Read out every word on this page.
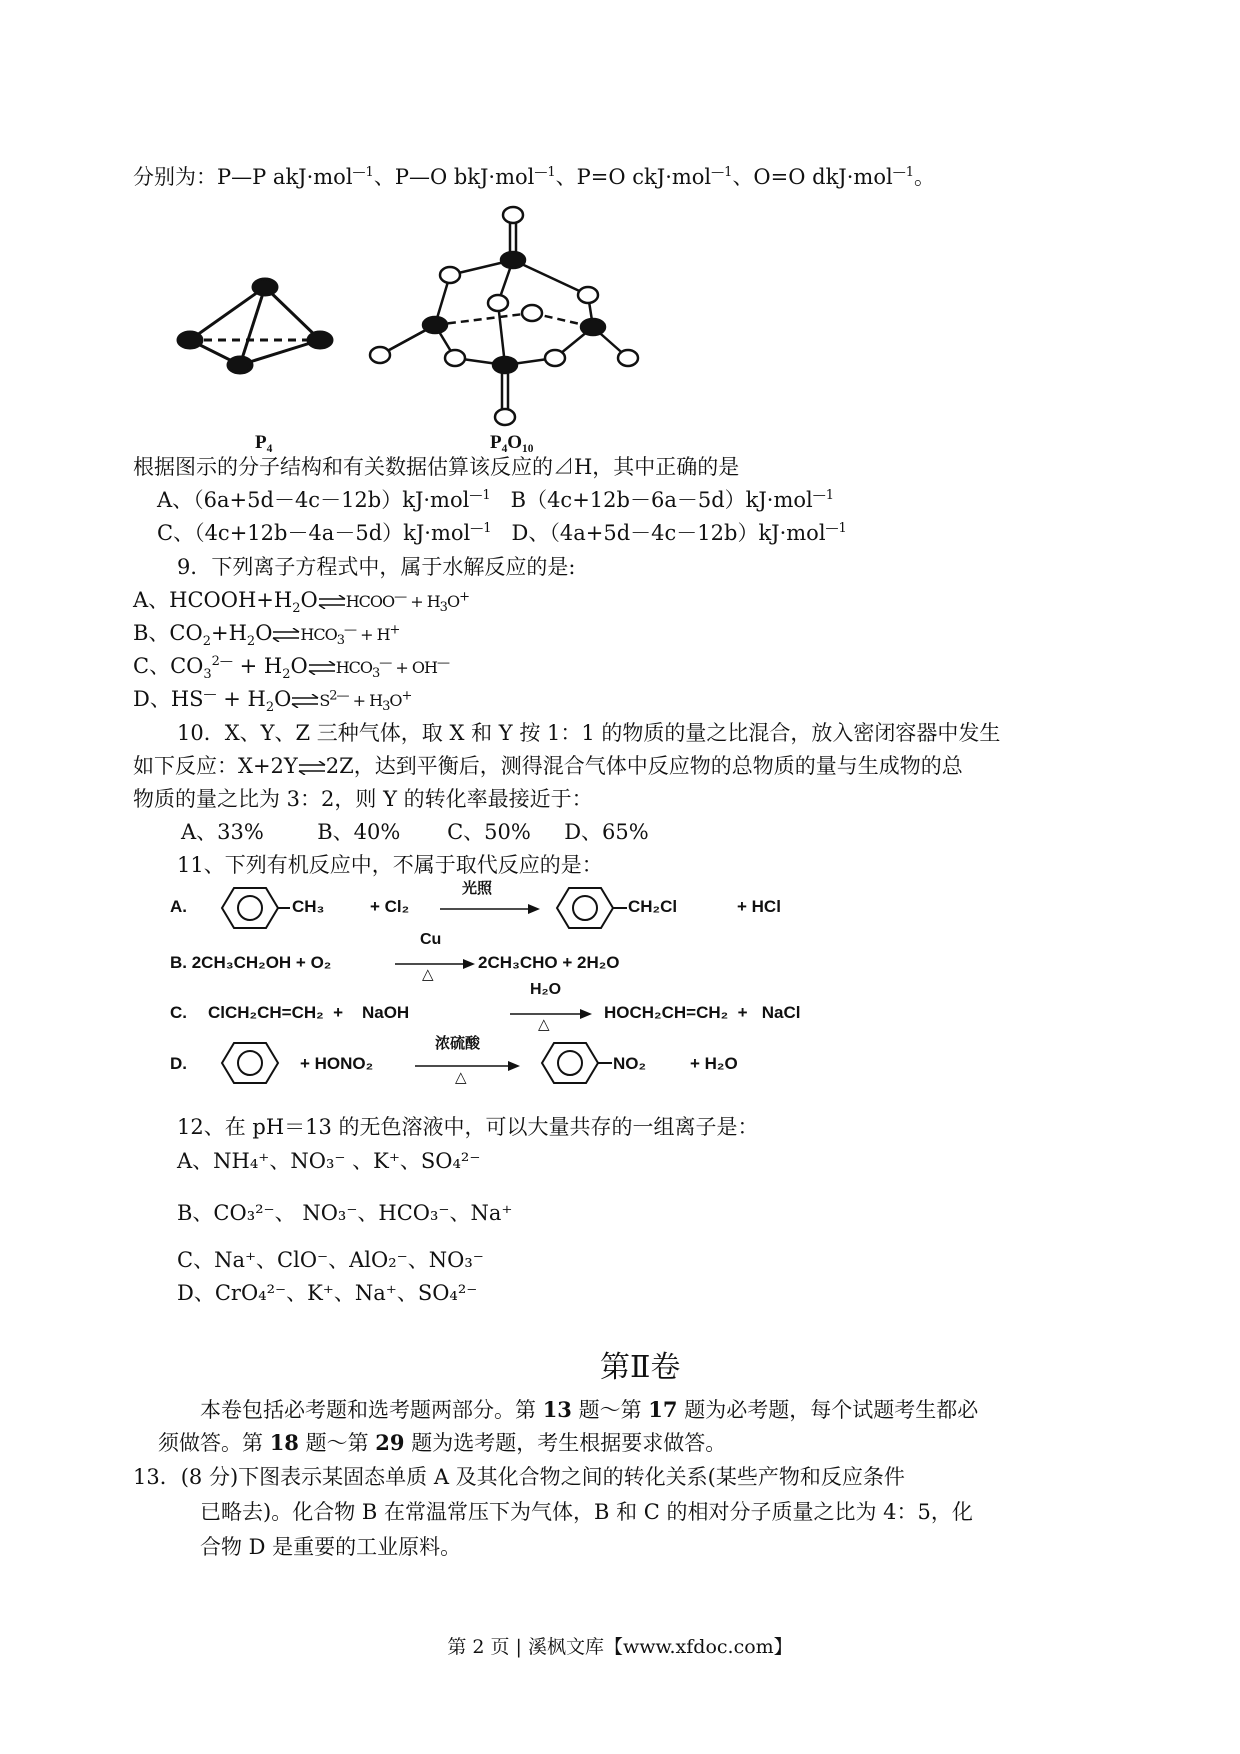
分别为：P—P akJ·mol$^{—1}$、P—O bkJ·mol$^{—1}$、P=O ckJ·mol$^{—1}$、O=O dkJ·mol$^{—1}$。
P₄	P₄O₁₀
根据图示的分子结构和有关数据估算该反应的⊿H，其中正确的是
A、（6a+5d－4c－12b）kJ·mol$^{—1}$ B（4c+12b－6a－5d）kJ·mol$^{—1}$
C、（4c+12b－4a－5d）kJ·mol$^{—1}$ D、（4a+5d－4c－12b）kJ·mol$^{—1}$
9．下列离子方程式中，属于水解反应的是:
A、$HCOOH+H_2O\rightleftharpoons HCOO^— + H_3O^+$
B、$CO_2+H_2O\rightleftharpoons HCO_3^— + H^+$
C、$CO_3^{2—}$ + $H_2O\rightleftharpoons HCO_3^— + OH^—$
D、$HS^— + H_2O\rightleftharpoons S^{2—} + H_3O^+$
10．X、Y、Z 三种气体，取 X 和 Y 按 1：1 的物质的量之比混合，放入密闭容器中发生
如下反应：X+2Y⇌2Z，达到平衡后，测得混合气体中反应物的总物质的量与生成物的总
物质的量之比为 3：2，则 Y 的转化率最接近于：
A、33%        B、40%       C、50%     D、65%
11、下列有机反应中，不属于取代反应的是：
A.	CH₃	+ Cl₂
光照
CH₂Cl	+ HCl
B. 2CH₃CH₂OH + O₂
Cu
△
2CH₃CHO + 2H₂O
C. ClCH₂CH=CH₂  +    NaOH
H₂O
△
HOCH₂CH=CH₂  +   NaCl
D.	+ HONO₂
浓硫酸
△
NO₂	+ H₂O
12、在 pH＝13 的无色溶液中，可以大量共存的一组离子是：
A、NH₄⁺、NO₃⁻ 、K⁺、SO₄²⁻
B、CO₃²⁻、 NO₃⁻、HCO₃⁻、Na⁺
C、Na⁺、ClO⁻、AlO₂⁻、NO₃⁻
D、CrO₄²⁻、K⁺、Na⁺、SO₄²⁻
第Ⅱ卷
本卷包括必考题和选考题两部分。第 13 题～第 17 题为必考题，每个试题考生都必
须做答。第 18 题～第 29 题为选考题，考生根据要求做答。
13．(8 分)下图表示某固态单质 A 及其化合物之间的转化关系(某些产物和反应条件
已略去)。化合物 B 在常温常压下为气体，B 和 C 的相对分子质量之比为 4：5，化
合物 D 是重要的工业原料。
第 2 页 | 溪枫文库【www.xfdoc.com】
